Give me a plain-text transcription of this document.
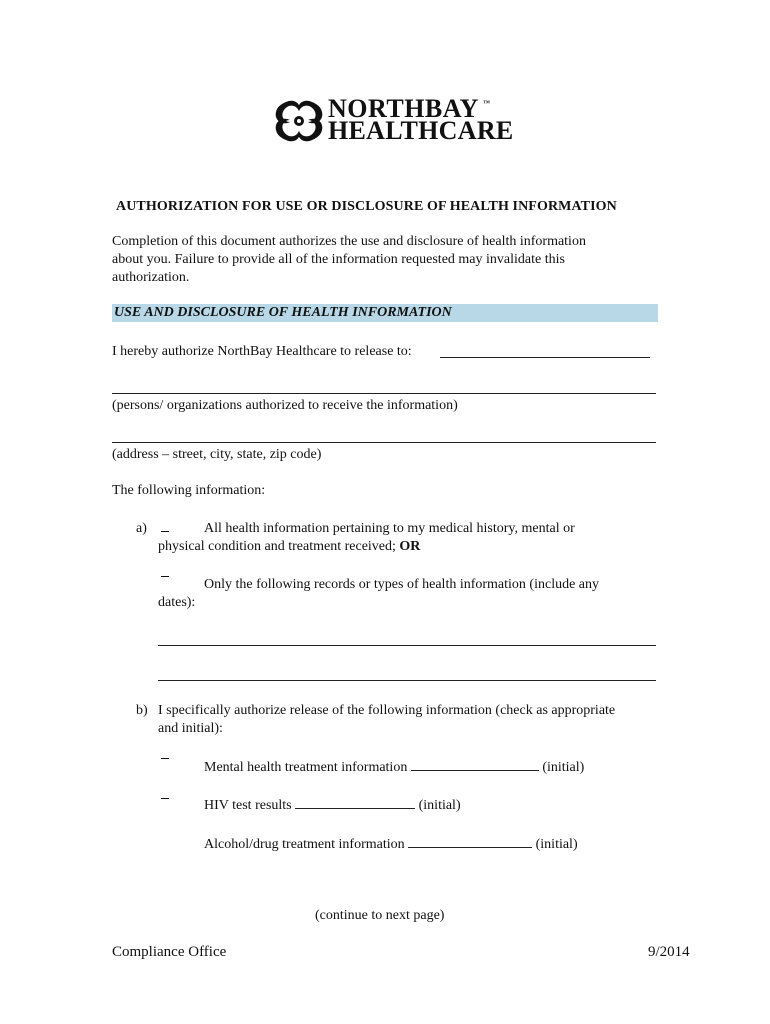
NORTHBAY ™
HEALTHCARE
AUTHORIZATION FOR USE OR DISCLOSURE OF HEALTH INFORMATION
Completion of this document authorizes the use and disclosure of health information
about you. Failure to provide all of the information requested may invalidate this
authorization.
USE AND DISCLOSURE OF HEALTH INFORMATION
I hereby authorize NorthBay Healthcare to release to:
(persons/ organizations authorized to receive the information)
(address – street, city, state, zip code)
The following information:
a)	All health information pertaining to my medical history, mental or
physical condition and treatment received; OR
Only the following records or types of health information (include any
dates):
b) I specifically authorize release of the following information (check as appropriate
and initial):
Mental health treatment information	(initial)
HIV test results	(initial)
Alcohol/drug treatment information	(initial)
(continue to next page)
Compliance Office	9/2014
